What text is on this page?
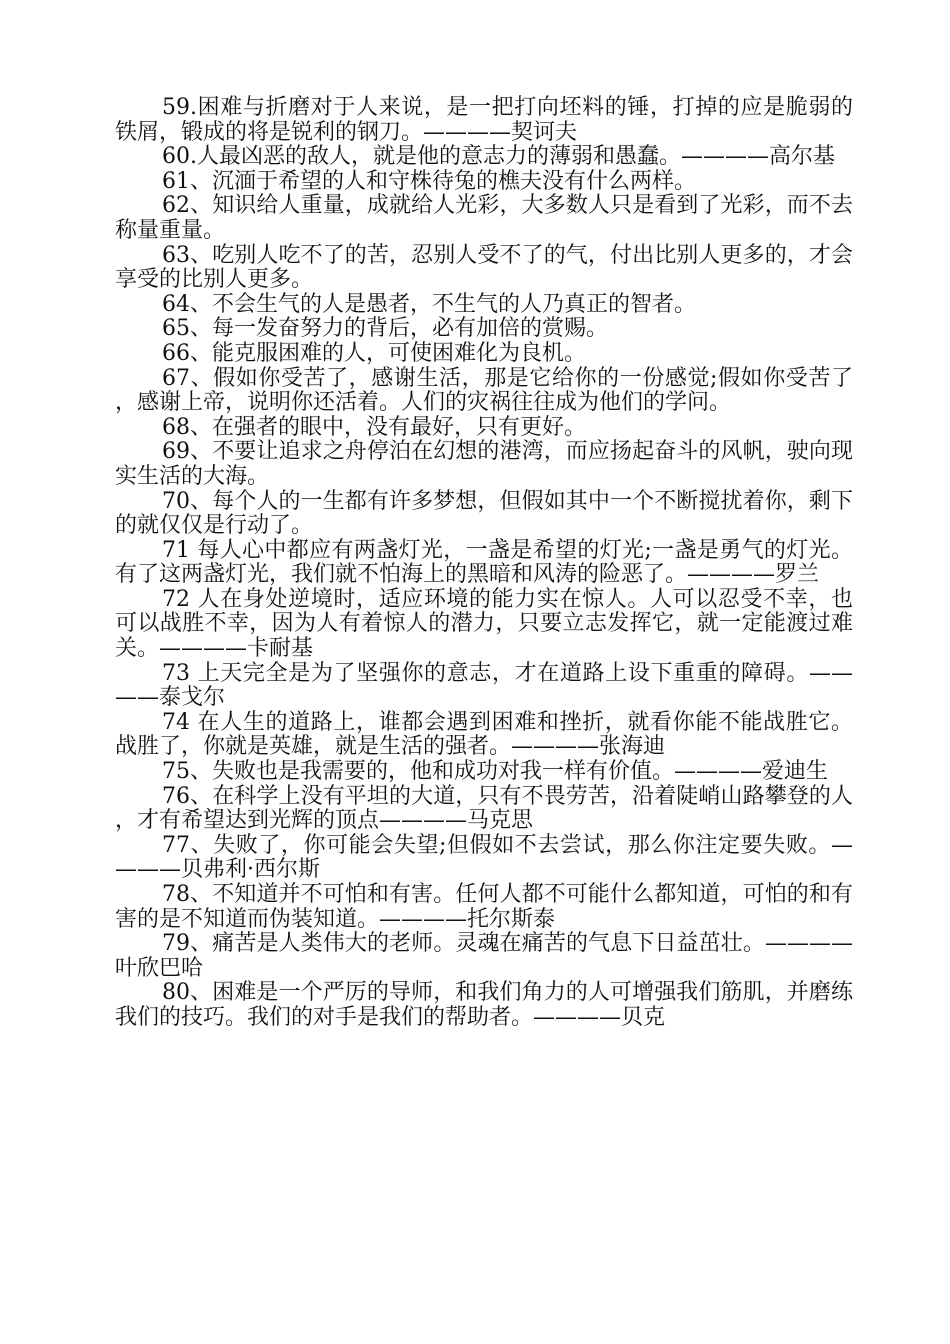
59.困难与折磨对于人来说，是一把打向坯料的锤，打掉的应是脆弱的铁屑，锻成的将是锐利的钢刀。————契诃夫

60.人最凶恶的敌人，就是他的意志力的薄弱和愚蠢。————高尔基

61、沉湎于希望的人和守株待兔的樵夫没有什么两样。

62、知识给人重量，成就给人光彩，大多数人只是看到了光彩，而不去称量重量。

63、吃别人吃不了的苦，忍别人受不了的气，付出比别人更多的，才会享受的比别人更多。

64、不会生气的人是愚者，不生气的人乃真正的智者。

65、每一发奋努力的背后，必有加倍的赏赐。

66、能克服困难的人，可使困难化为良机。

67、假如你受苦了，感谢生活，那是它给你的一份感觉;假如你受苦了，感谢上帝，说明你还活着。人们的灾祸往往成为他们的学问。

68、在强者的眼中，没有最好，只有更好。

69、不要让追求之舟停泊在幻想的港湾，而应扬起奋斗的风帆，驶向现实生活的大海。

70、每个人的一生都有许多梦想，但假如其中一个不断搅扰着你，剩下的就仅仅是行动了。

71 每人心中都应有两盏灯光，一盏是希望的灯光;一盏是勇气的灯光。有了这两盏灯光，我们就不怕海上的黑暗和风涛的险恶了。————罗兰

72 人在身处逆境时，适应环境的能力实在惊人。人可以忍受不幸，也可以战胜不幸，因为人有着惊人的潜力，只要立志发挥它，就一定能渡过难关。————卡耐基

73 上天完全是为了坚强你的意志，才在道路上设下重重的障碍。————泰戈尔

74 在人生的道路上，谁都会遇到困难和挫折，就看你能不能战胜它。战胜了，你就是英雄，就是生活的强者。————张海迪

75、失败也是我需要的，他和成功对我一样有价值。————爱迪生

76、在科学上没有平坦的大道，只有不畏劳苦，沿着陡峭山路攀登的人，才有希望达到光辉的顶点————马克思

77、失败了，你可能会失望;但假如不去尝试，那么你注定要失败。————贝弗利·西尔斯

78、不知道并不可怕和有害。任何人都不可能什么都知道，可怕的和有害的是不知道而伪装知道。————托尔斯泰

79、痛苦是人类伟大的老师。灵魂在痛苦的气息下日益茁壮。————叶欣巴哈

80、困难是一个严厉的导师，和我们角力的人可增强我们筋肌，并磨练我们的技巧。我们的对手是我们的帮助者。————贝克
